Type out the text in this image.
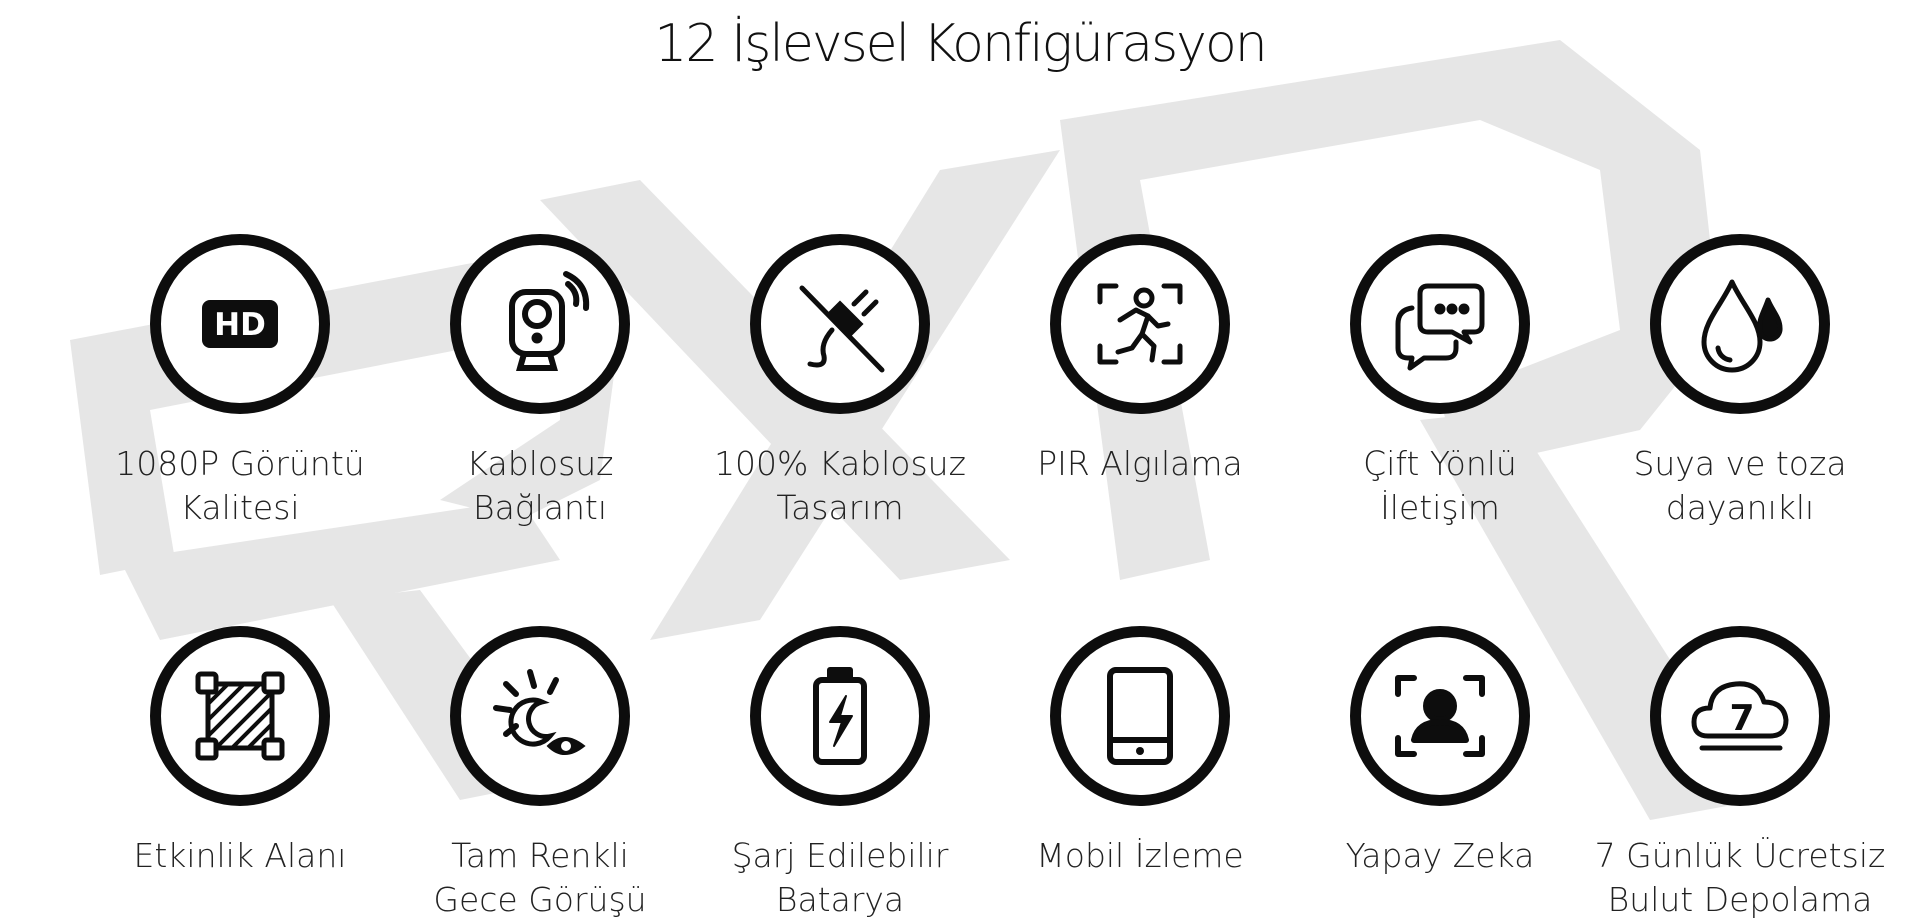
12 İşlevsel Konfigürasyon
HD
1080P Görüntü
Kalitesi
Kablosuz
Bağlantı
100% Kablosuz
Tasarım
PIR Algılama	Çift Yönlü
İletişim
Suya ve toza
dayanıklı
Etkinlik Alanı	Tam Renkli
Gece Görüşü
Şarj Edilebilir
Batarya
Mobil İzleme	Yapay Zeka
7
7 Günlük Ücretsiz
Bulut Depolama
